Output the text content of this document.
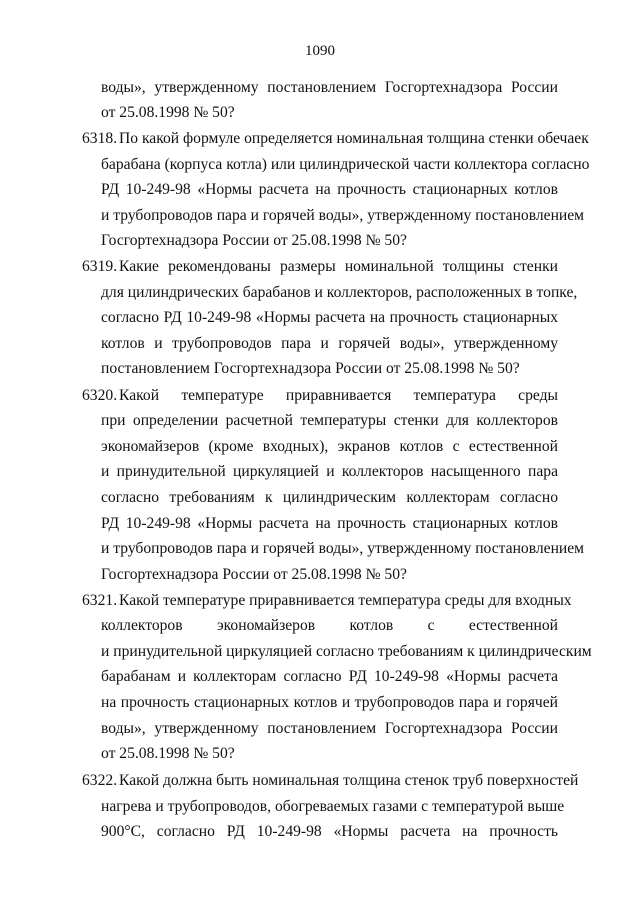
1090
воды», утвержденному постановлением Госгортехнадзора России
от 25.08.1998 № 50?
6318. По какой формуле определяется номинальная толщина стенки обечаек
барабана (корпуса котла) или цилиндрической части коллектора согласно
РД 10-249-98 «Нормы расчета на прочность стационарных котлов
и трубопроводов пара и горячей воды», утвержденному постановлением
Госгортехнадзора России от 25.08.1998 № 50?
6319. Какие рекомендованы размеры номинальной толщины стенки
для цилиндрических барабанов и коллекторов, расположенных в топке,
согласно РД 10-249-98 «Нормы расчета на прочность стационарных
котлов и трубопроводов пара и горячей воды», утвержденному
постановлением Госгортехнадзора России от 25.08.1998 № 50?
6320. Какой температуре приравнивается температура среды
при определении расчетной температуры стенки для коллекторов
экономайзеров (кроме входных), экранов котлов с естественной
и принудительной циркуляцией и коллекторов насыщенного пара
согласно требованиям к цилиндрическим коллекторам согласно
РД 10-249-98 «Нормы расчета на прочность стационарных котлов
и трубопроводов пара и горячей воды», утвержденному постановлением
Госгортехнадзора России от 25.08.1998 № 50?
6321. Какой температуре приравнивается температура среды для входных
коллекторов экономайзеров котлов с естественной
и принудительной циркуляцией согласно требованиям к цилиндрическим
барабанам и коллекторам согласно РД 10-249-98 «Нормы расчета
на прочность стационарных котлов и трубопроводов пара и горячей
воды», утвержденному постановлением Госгортехнадзора России
от 25.08.1998 № 50?
6322. Какой должна быть номинальная толщина стенок труб поверхностей
нагрева и трубопроводов, обогреваемых газами с температурой выше
900°C, согласно РД 10-249-98 «Нормы расчета на прочность
